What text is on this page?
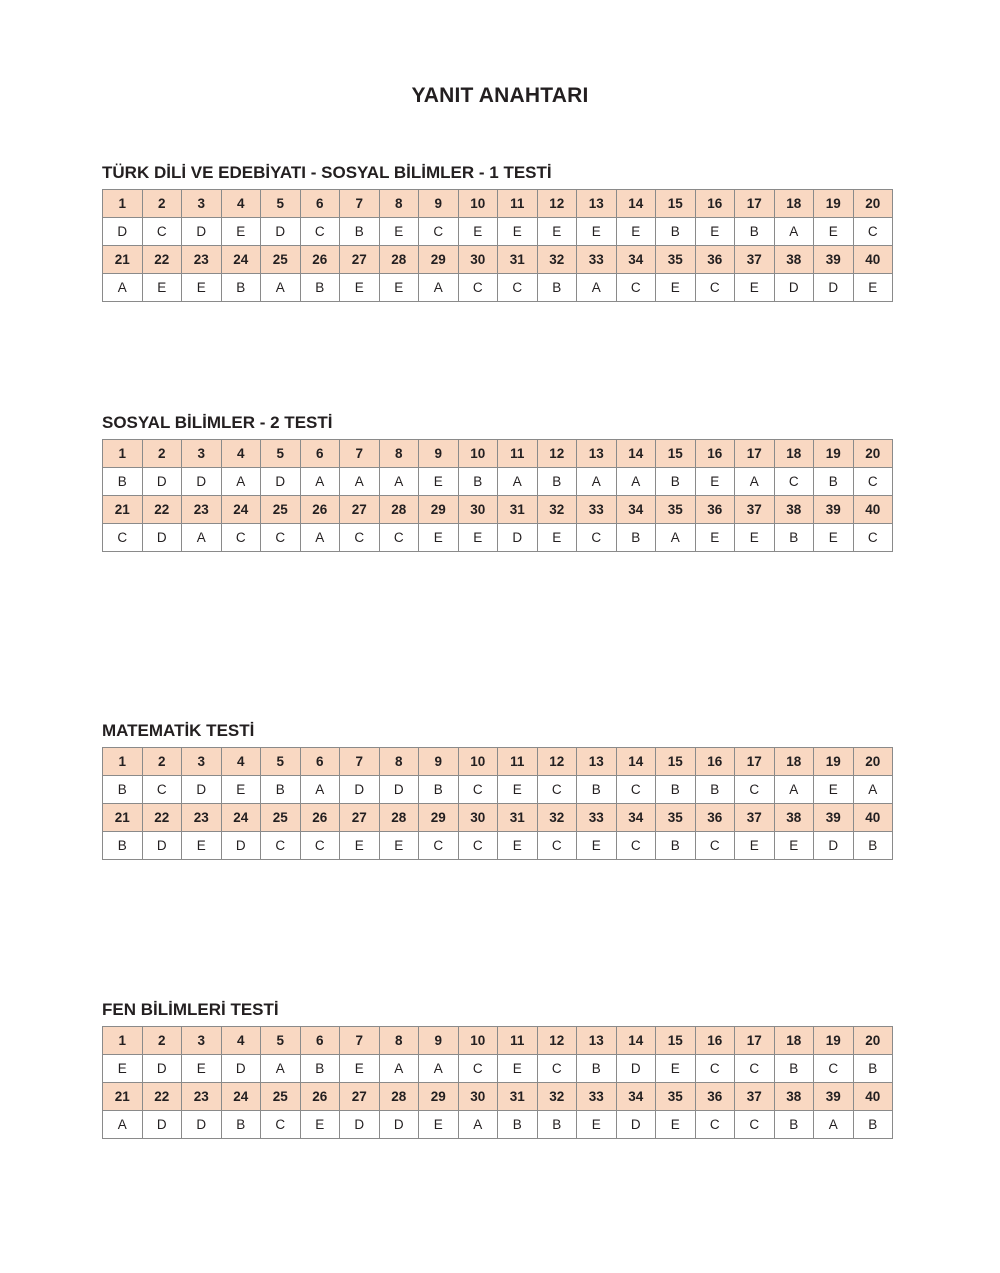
YANIT ANAHTARI
TÜRK DİLİ VE EDEBİYATI - SOSYAL BİLİMLER - 1 TESTİ
1	2	3	4	5	6	7	8	9	10	11	12	13	14	15	16	17	18	19	20
D	C	D	E	D	C	B	E	C	E	E	E	E	E	B	E	B	A	E	C
21	22	23	24	25	26	27	28	29	30	31	32	33	34	35	36	37	38	39	40
A	E	E	B	A	B	E	E	A	C	C	B	A	C	E	C	E	D	D	E
SOSYAL BİLİMLER - 2 TESTİ
1	2	3	4	5	6	7	8	9	10	11	12	13	14	15	16	17	18	19	20
B	D	D	A	D	A	A	A	E	B	A	B	A	A	B	E	A	C	B	C
21	22	23	24	25	26	27	28	29	30	31	32	33	34	35	36	37	38	39	40
C	D	A	C	C	A	C	C	E	E	D	E	C	B	A	E	E	B	E	C
MATEMATİK TESTİ
1	2	3	4	5	6	7	8	9	10	11	12	13	14	15	16	17	18	19	20
B	C	D	E	B	A	D	D	B	C	E	C	B	C	B	B	C	A	E	A
21	22	23	24	25	26	27	28	29	30	31	32	33	34	35	36	37	38	39	40
B	D	E	D	C	C	E	E	C	C	E	C	E	C	B	C	E	E	D	B
FEN BİLİMLERİ TESTİ
1	2	3	4	5	6	7	8	9	10	11	12	13	14	15	16	17	18	19	20
E	D	E	D	A	B	E	A	A	C	E	C	B	D	E	C	C	B	C	B
21	22	23	24	25	26	27	28	29	30	31	32	33	34	35	36	37	38	39	40
A	D	D	B	C	E	D	D	E	A	B	B	E	D	E	C	C	B	A	B
